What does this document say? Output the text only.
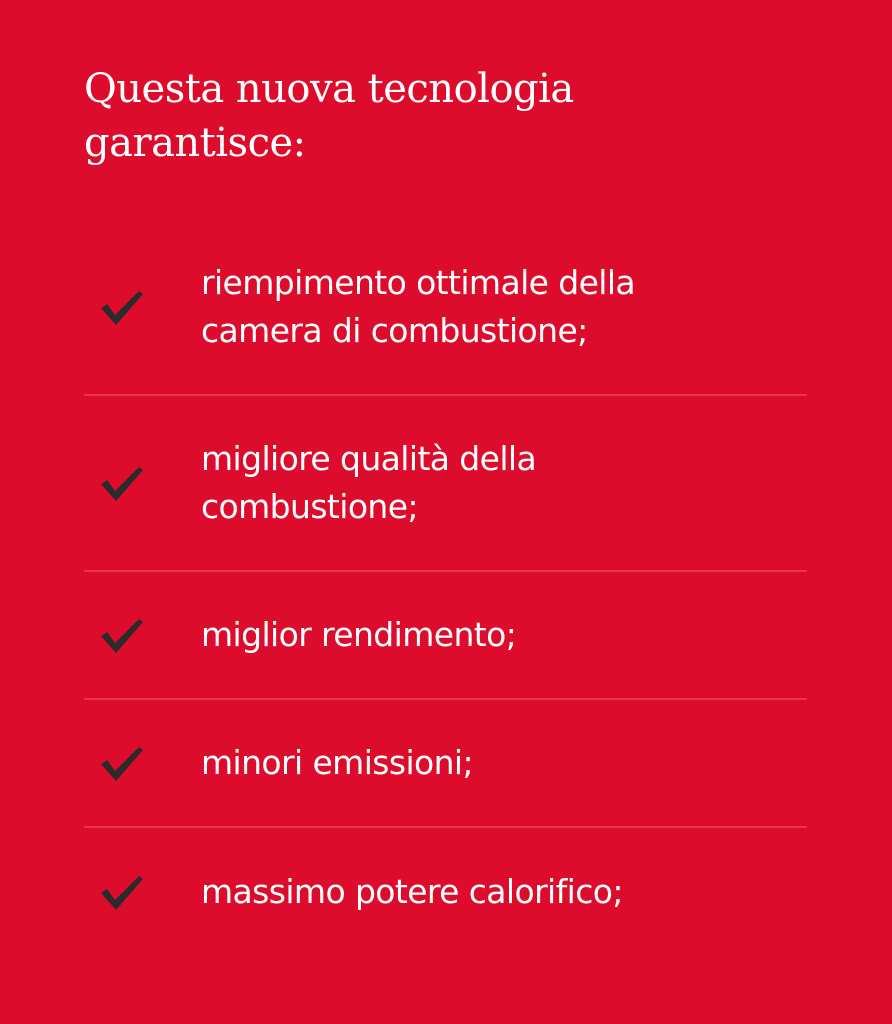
Questa nuova tecnologia garantisce:
riempimento ottimale della camera di combustione;
migliore qualità della combustione;
miglior rendimento;
minori emissioni;
massimo potere calorifico;
